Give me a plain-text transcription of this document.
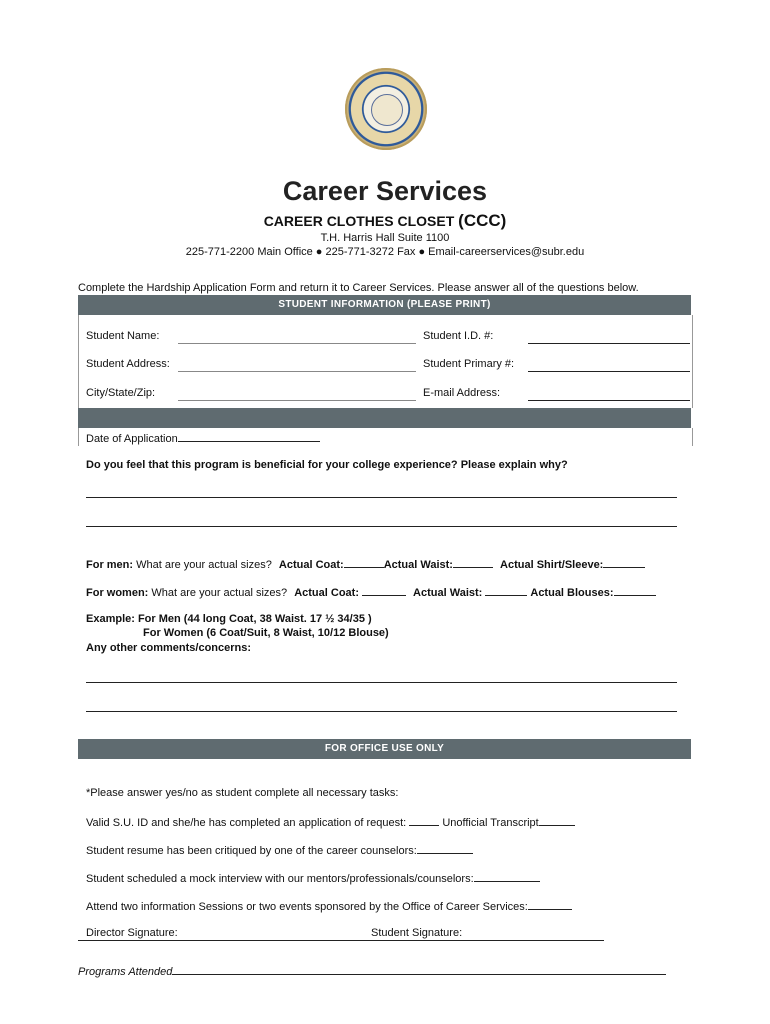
Career Services
CAREER CLOTHES CLOSET (CCC)
T.H. Harris Hall Suite 1100
225-771-2200 Main Office ● 225-771-3272 Fax ● Email-careerservices@subr.edu
Complete the Hardship Application Form and return it to Career Services. Please answer all of the questions below.
STUDENT INFORMATION (PLEASE PRINT)
Student Name:	Student I.D. #:
Student Address:	Student Primary #:
City/State/Zip:	E-mail Address:
Date of Application
Do you feel that this program is beneficial for your college experience? Please explain why?
For men: What are your actual sizes? Actual Coat:	Actual Waist:	Actual Shirt/Sleeve:
For women: What are your actual sizes? Actual Coat:	Actual Waist:	Actual Blouses:
Example: For Men (44 long Coat, 38 Waist. 17 ½ 34/35 )
For Women (6 Coat/Suit, 8 Waist, 10/12 Blouse)
Any other comments/concerns:
FOR OFFICE USE ONLY
*Please answer yes/no as student complete all necessary tasks:
Valid S.U. ID and she/he has completed an application of request:	Unofficial Transcript
Student resume has been critiqued by one of the career counselors:
Student scheduled a mock interview with our mentors/professionals/counselors:
Attend two information Sessions or two events sponsored by the Office of Career Services:
Director Signature:	Student Signature:
Programs Attended
